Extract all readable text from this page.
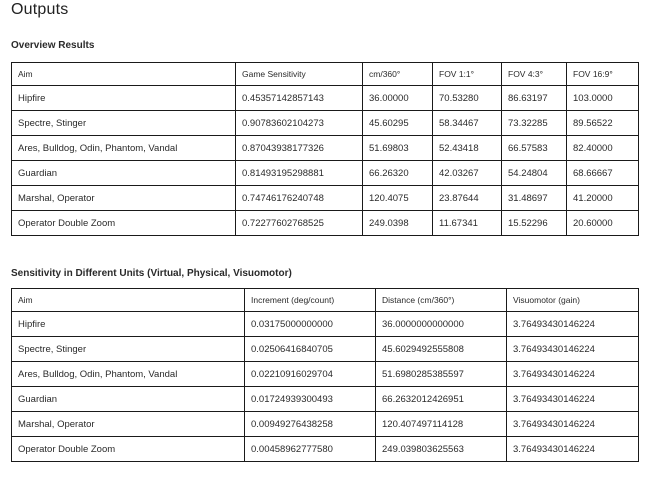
Outputs
Overview Results
Aim	Game Sensitivity	cm/360°	FOV 1:1°	FOV 4:3°	FOV 16:9°
Hipfire	0.45357142857143	36.00000	70.53280	86.63197	103.0000
Spectre, Stinger	0.90783602104273	45.60295	58.34467	73.32285	89.56522
Ares, Bulldog, Odin, Phantom, Vandal	0.87043938177326	51.69803	52.43418	66.57583	82.40000
Guardian	0.81493195298881	66.26320	42.03267	54.24804	68.66667
Marshal, Operator	0.74746176240748	120.4075	23.87644	31.48697	41.20000
Operator Double Zoom	0.72277602768525	249.0398	11.67341	15.52296	20.60000
Sensitivity in Different Units (Virtual, Physical, Visuomotor)
Aim	Increment (deg/count)	Distance (cm/360°)	Visuomotor (gain)
Hipfire	0.03175000000000	36.0000000000000	3.76493430146224
Spectre, Stinger	0.02506416840705	45.6029492555808	3.76493430146224
Ares, Bulldog, Odin, Phantom, Vandal	0.02210916029704	51.6980285385597	3.76493430146224
Guardian	0.01724939300493	66.2632012426951	3.76493430146224
Marshal, Operator	0.00949276438258	120.407497114128	3.76493430146224
Operator Double Zoom	0.00458962777580	249.039803625563	3.76493430146224
